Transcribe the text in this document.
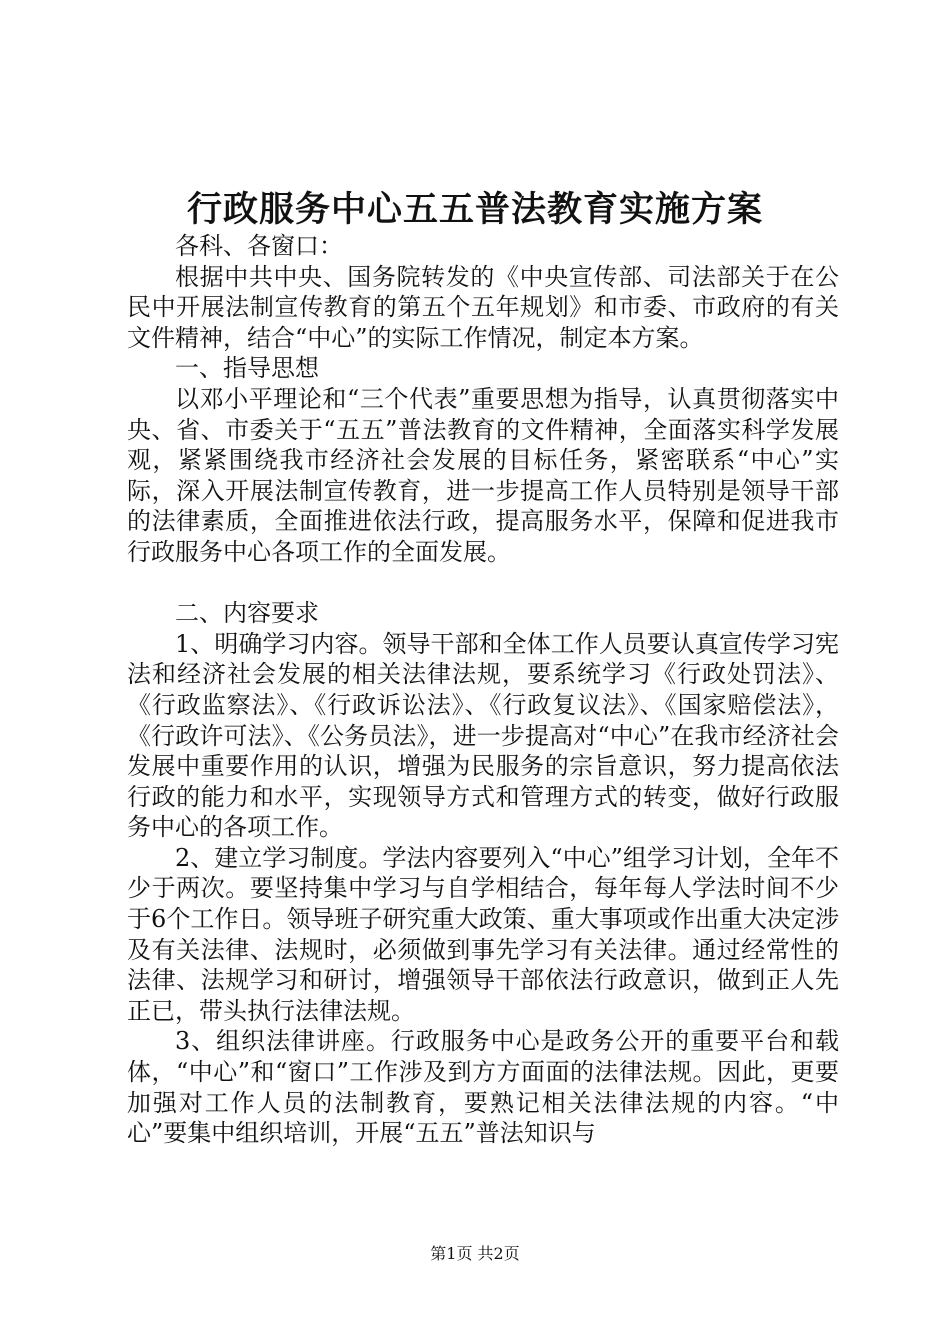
行政服务中心五五普法教育实施方案

各科、各窗口：

根据中共中央、国务院转发的《中央宣传部、司法部关于在公民中开展法制宣传教育的第五个五年规划》和市委、市政府的有关文件精神，结合“中心”的实际工作情况，制定本方案。

一、指导思想

以邓小平理论和“三个代表”重要思想为指导，认真贯彻落实中央、省、市委关于“五五”普法教育的文件精神，全面落实科学发展观，紧紧围绕我市经济社会发展的目标任务，紧密联系“中心”实际，深入开展法制宣传教育，进一步提高工作人员特别是领导干部的法律素质，全面推进依法行政，提高服务水平，保障和促进我市行政服务中心各项工作的全面发展。

二、内容要求

1、明确学习内容。领导干部和全体工作人员要认真宣传学习宪法和经济社会发展的相关法律法规，要系统学习《行政处罚法》、《行政监察法》、《行政诉讼法》、《行政复议法》、《国家赔偿法》，《行政许可法》、《公务员法》，进一步提高对“中心”在我市经济社会发展中重要作用的认识，增强为民服务的宗旨意识，努力提高依法行政的能力和水平，实现领导方式和管理方式的转变，做好行政服务中心的各项工作。

2、建立学习制度。学法内容要列入“中心”组学习计划，全年不少于两次。要坚持集中学习与自学相结合，每年每人学法时间不少于6个工作日。领导班子研究重大政策、重大事项或作出重大决定涉及有关法律、法规时，必须做到事先学习有关法律。通过经常性的法律、法规学习和研讨，增强领导干部依法行政意识，做到正人先正已，带头执行法律法规。

3、组织法律讲座。行政服务中心是政务公开的重要平台和载体，“中心”和“窗口”工作涉及到方方面面的法律法规。因此，更要加强对工作人员的法制教育，要熟记相关法律法规的内容。“中心”要集中组织培训，开展“五五”普法知识与

第1页 共2页
